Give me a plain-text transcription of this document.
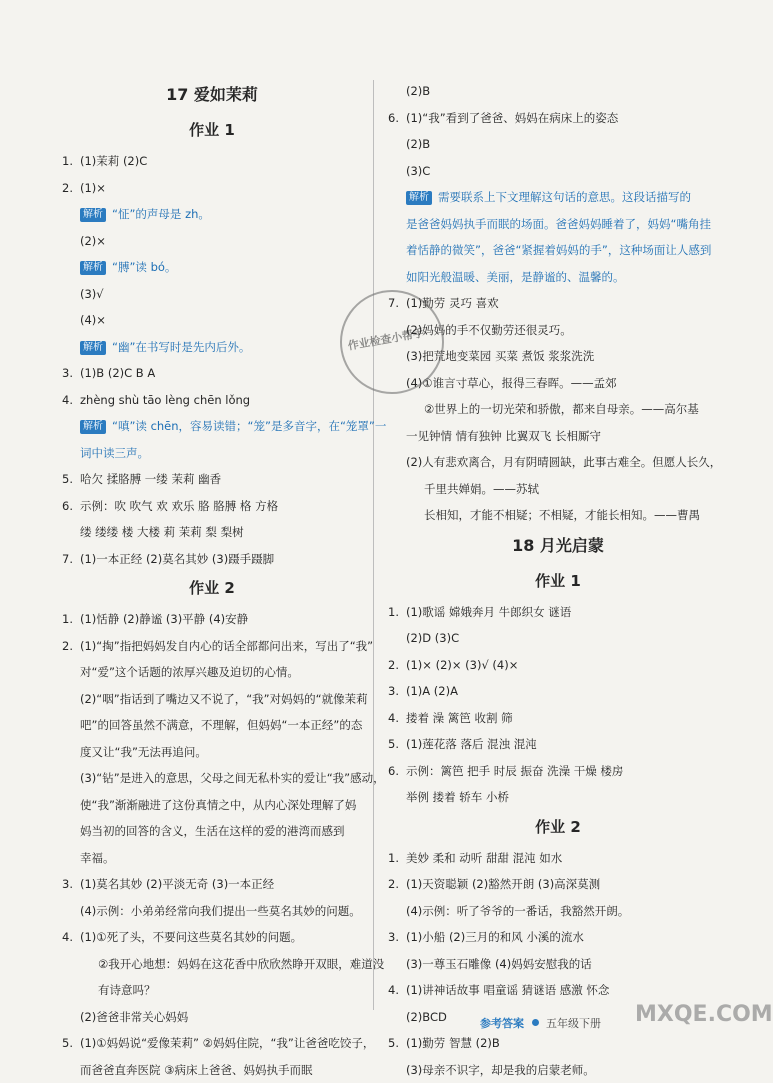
17 爱如茉莉
作业 1
1. (1)茉莉 (2)C
2. (1)×
解析 “怔”的声母是 zh。
(2)×
解析 “膊”读 bó。
(3)√
(4)×
解析 “幽”在书写时是先内后外。
3. (1)B (2)C B A
4. zhèng shù tāo lèng chēn lǒng
解析 “嗔”读 chēn，容易读错；“笼”是多音字，在“笼罩”一
词中读三声。
5. 哈欠 揉胳膊 一缕 茉莉 幽香
6. 示例：吹 吹气 欢 欢乐 胳 胳膊 格 方格
缕 缕缕 楼 大楼 莉 茉莉 梨 梨树
7. (1)一本正经 (2)莫名其妙 (3)蹑手蹑脚
作业 2
1. (1)恬静 (2)静谧 (3)平静 (4)安静
2. (1)“掏”指把妈妈发自内心的话全部都问出来，写出了“我”
对“爱”这个话题的浓厚兴趣及迫切的心情。
(2)“咽”指话到了嘴边又不说了，“我”对妈妈的“就像茉莉
吧”的回答虽然不满意，不理解，但妈妈“一本正经”的态
度又让“我”无法再追问。
(3)“钻”是进入的意思，父母之间无私朴实的爱让“我”感动，
使“我”渐渐融进了这份真情之中，从内心深处理解了妈
妈当初的回答的含义，生活在这样的爱的港湾而感到
幸福。
3. (1)莫名其妙 (2)平淡无奇 (3)一本正经
(4)示例：小弟弟经常向我们提出一些莫名其妙的问题。
4. (1)①死了头，不要问这些莫名其妙的问题。
②我开心地想：妈妈在这花香中欣欣然睁开双眼，难道没
有诗意吗？
(2)爸爸非常关心妈妈
5. (1)①妈妈说“爱像茉莉” ②妈妈住院，“我”让爸爸吃饺子，
而爸爸直奔医院 ③病床上爸爸、妈妈执手而眠
(2)B
6. (1)“我”看到了爸爸、妈妈在病床上的姿态
(2)B
(3)C
解析 需要联系上下文理解这句话的意思。这段话描写的
是爸爸妈妈执手而眠的场面。爸爸妈妈睡着了，妈妈“嘴角挂
着恬静的微笑”，爸爸“紧握着妈妈的手”，这种场面让人感到
如阳光般温暖、美丽，是静谧的、温馨的。
7. (1)勤劳 灵巧 喜欢
(2)妈妈的手不仅勤劳还很灵巧。
(3)把荒地变菜园 买菜 煮饭 浆浆洗洗
(4)①谁言寸草心，报得三春晖。——孟郊
②世界上的一切光荣和骄傲，都来自母亲。——高尔基
一见钟情 情有独钟 比翼双飞 长相厮守
(2)人有悲欢离合，月有阴晴圆缺，此事古难全。但愿人长久，
千里共婵娟。——苏轼
长相知，才能不相疑；不相疑，才能长相知。——曹禺
18 月光启蒙
作业 1
1. (1)歌谣 嫦娥奔月 牛郎织女 谜语
(2)D (3)C
2. (1)× (2)× (3)√ (4)×
3. (1)A (2)A
4. 搂着 澡 篱笆 收割 筛
5. (1)莲花落 落后 混浊 混沌
6. 示例：篱笆 把手 时辰 振奋 洗澡 干燥 楼房
举例 搂着 轿车 小桥
作业 2
1. 美妙 柔和 动听 甜甜 混沌 如水
2. (1)天资聪颖 (2)豁然开朗 (3)高深莫测
(4)示例：听了爷爷的一番话，我豁然开朗。
3. (1)小船 (2)三月的和风 小溪的流水
(3)一尊玉石雕像 (4)妈妈安慰我的话
4. (1)讲神话故事 唱童谣 猜谜语 感激 怀念
(2)BCD
5. (1)勤劳 智慧 (2)B
(3)母亲不识字，却是我的启蒙老师。
作业检查小帮手
参考答案 五年级下册 MXQE.COM
